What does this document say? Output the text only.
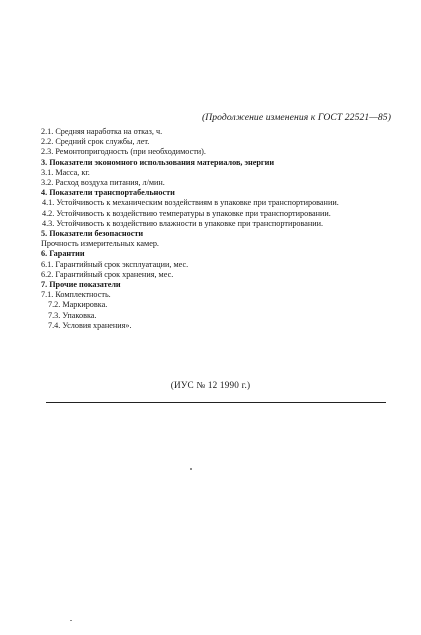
(Продолжение изменения к ГОСТ 22521—85)
2.1. Средняя наработка на отказ, ч.
2.2. Средний срок службы, лет.
2.3. Ремонтопригодность (при необходимости).
3. Показатели экономного использования материалов, энергии
3.1. Масса, кг.
3.2. Расход воздуха питания, л/мин.
4. Показатели транспортабельности
4.1. Устойчивость к механическим воздействиям в упаковке при транспортировании.
4.2. Устойчивость к воздействию температуры в упаковке при транспортировании.
4.3. Устойчивость к воздействию влажности в упаковке при транспортировании.
5. Показатели безопасности
Прочность измерительных камер.
6. Гарантии
6.1. Гарантийный срок эксплуатации, мес.
6.2. Гарантийный срок хранения, мес.
7. Прочие показатели
7.1. Комплектность.
7.2. Маркировка.
7.3. Упаковка.
7.4. Условия хранения».
(ИУС № 12 1990 г.)
